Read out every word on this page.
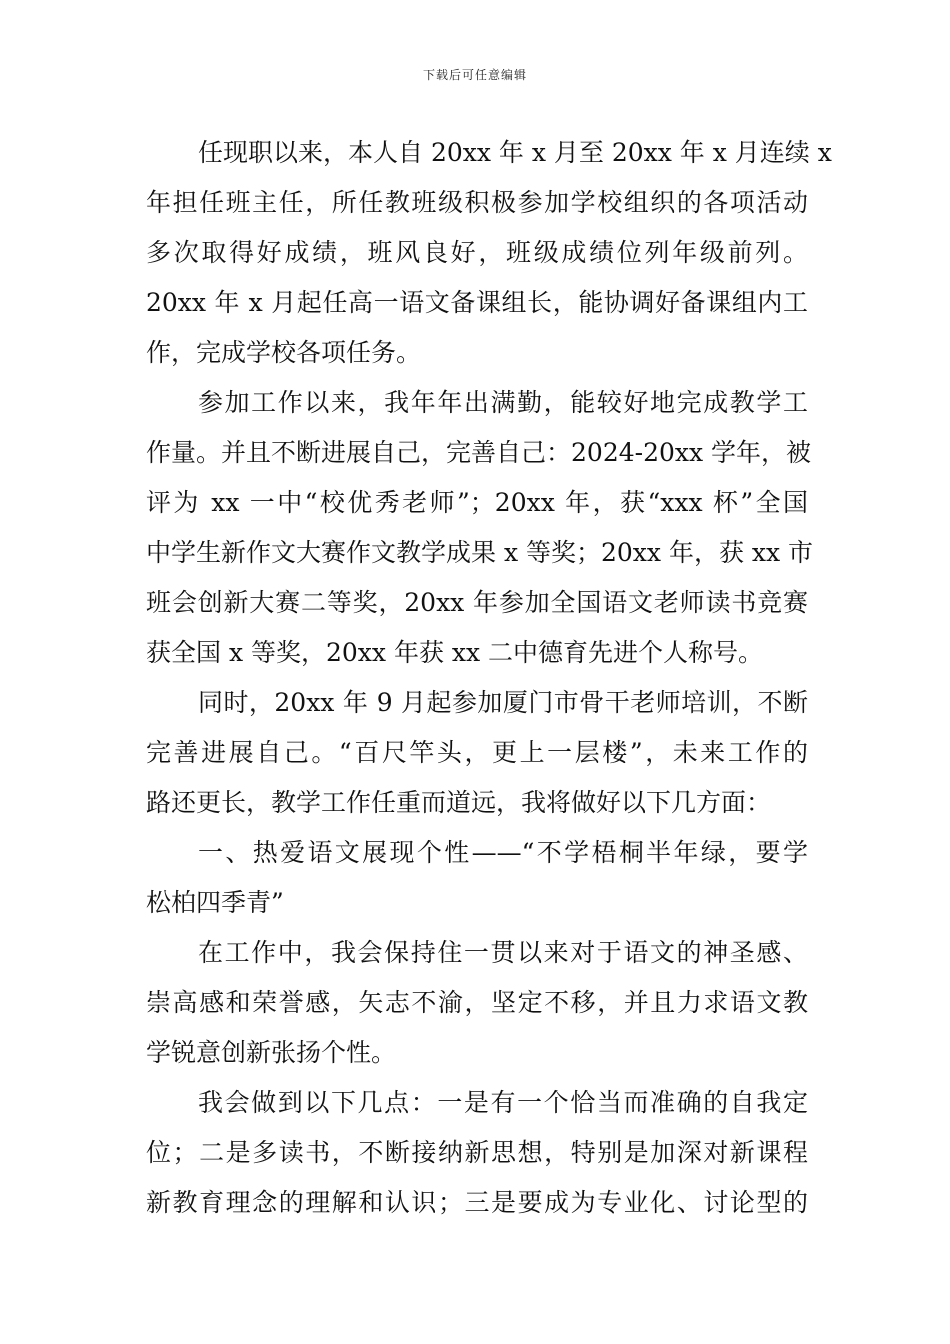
下载后可任意编辑
任现职以来，本人自 20xx 年 x 月至 20xx 年 x 月连续 x
年担任班主任，所任教班级积极参加学校组织的各项活动
多次取得好成绩，班风良好，班级成绩位列年级前列。
20xx 年 x 月起任高一语文备课组长，能协调好备课组内工
作，完成学校各项任务。
参加工作以来，我年年出满勤，能较好地完成教学工
作量。并且不断进展自己，完善自己：2024-20xx 学年，被
评为 xx 一中“校优秀老师”；20xx 年，获“xxx 杯”全国
中学生新作文大赛作文教学成果 x 等奖；20xx 年，获 xx 市
班会创新大赛二等奖，20xx 年参加全国语文老师读书竞赛
获全国 x 等奖，20xx 年获 xx 二中德育先进个人称号。
同时，20xx 年 9 月起参加厦门市骨干老师培训，不断
完善进展自己。“百尺竿头，更上一层楼”，未来工作的
路还更长，教学工作任重而道远，我将做好以下几方面：
一、热爱语文展现个性——“不学梧桐半年绿，要学
松柏四季青”
在工作中，我会保持住一贯以来对于语文的神圣感、
崇高感和荣誉感，矢志不渝，坚定不移，并且力求语文教
学锐意创新张扬个性。
我会做到以下几点：一是有一个恰当而准确的自我定
位；二是多读书，不断接纳新思想，特别是加深对新课程
新教育理念的理解和认识；三是要成为专业化、讨论型的
